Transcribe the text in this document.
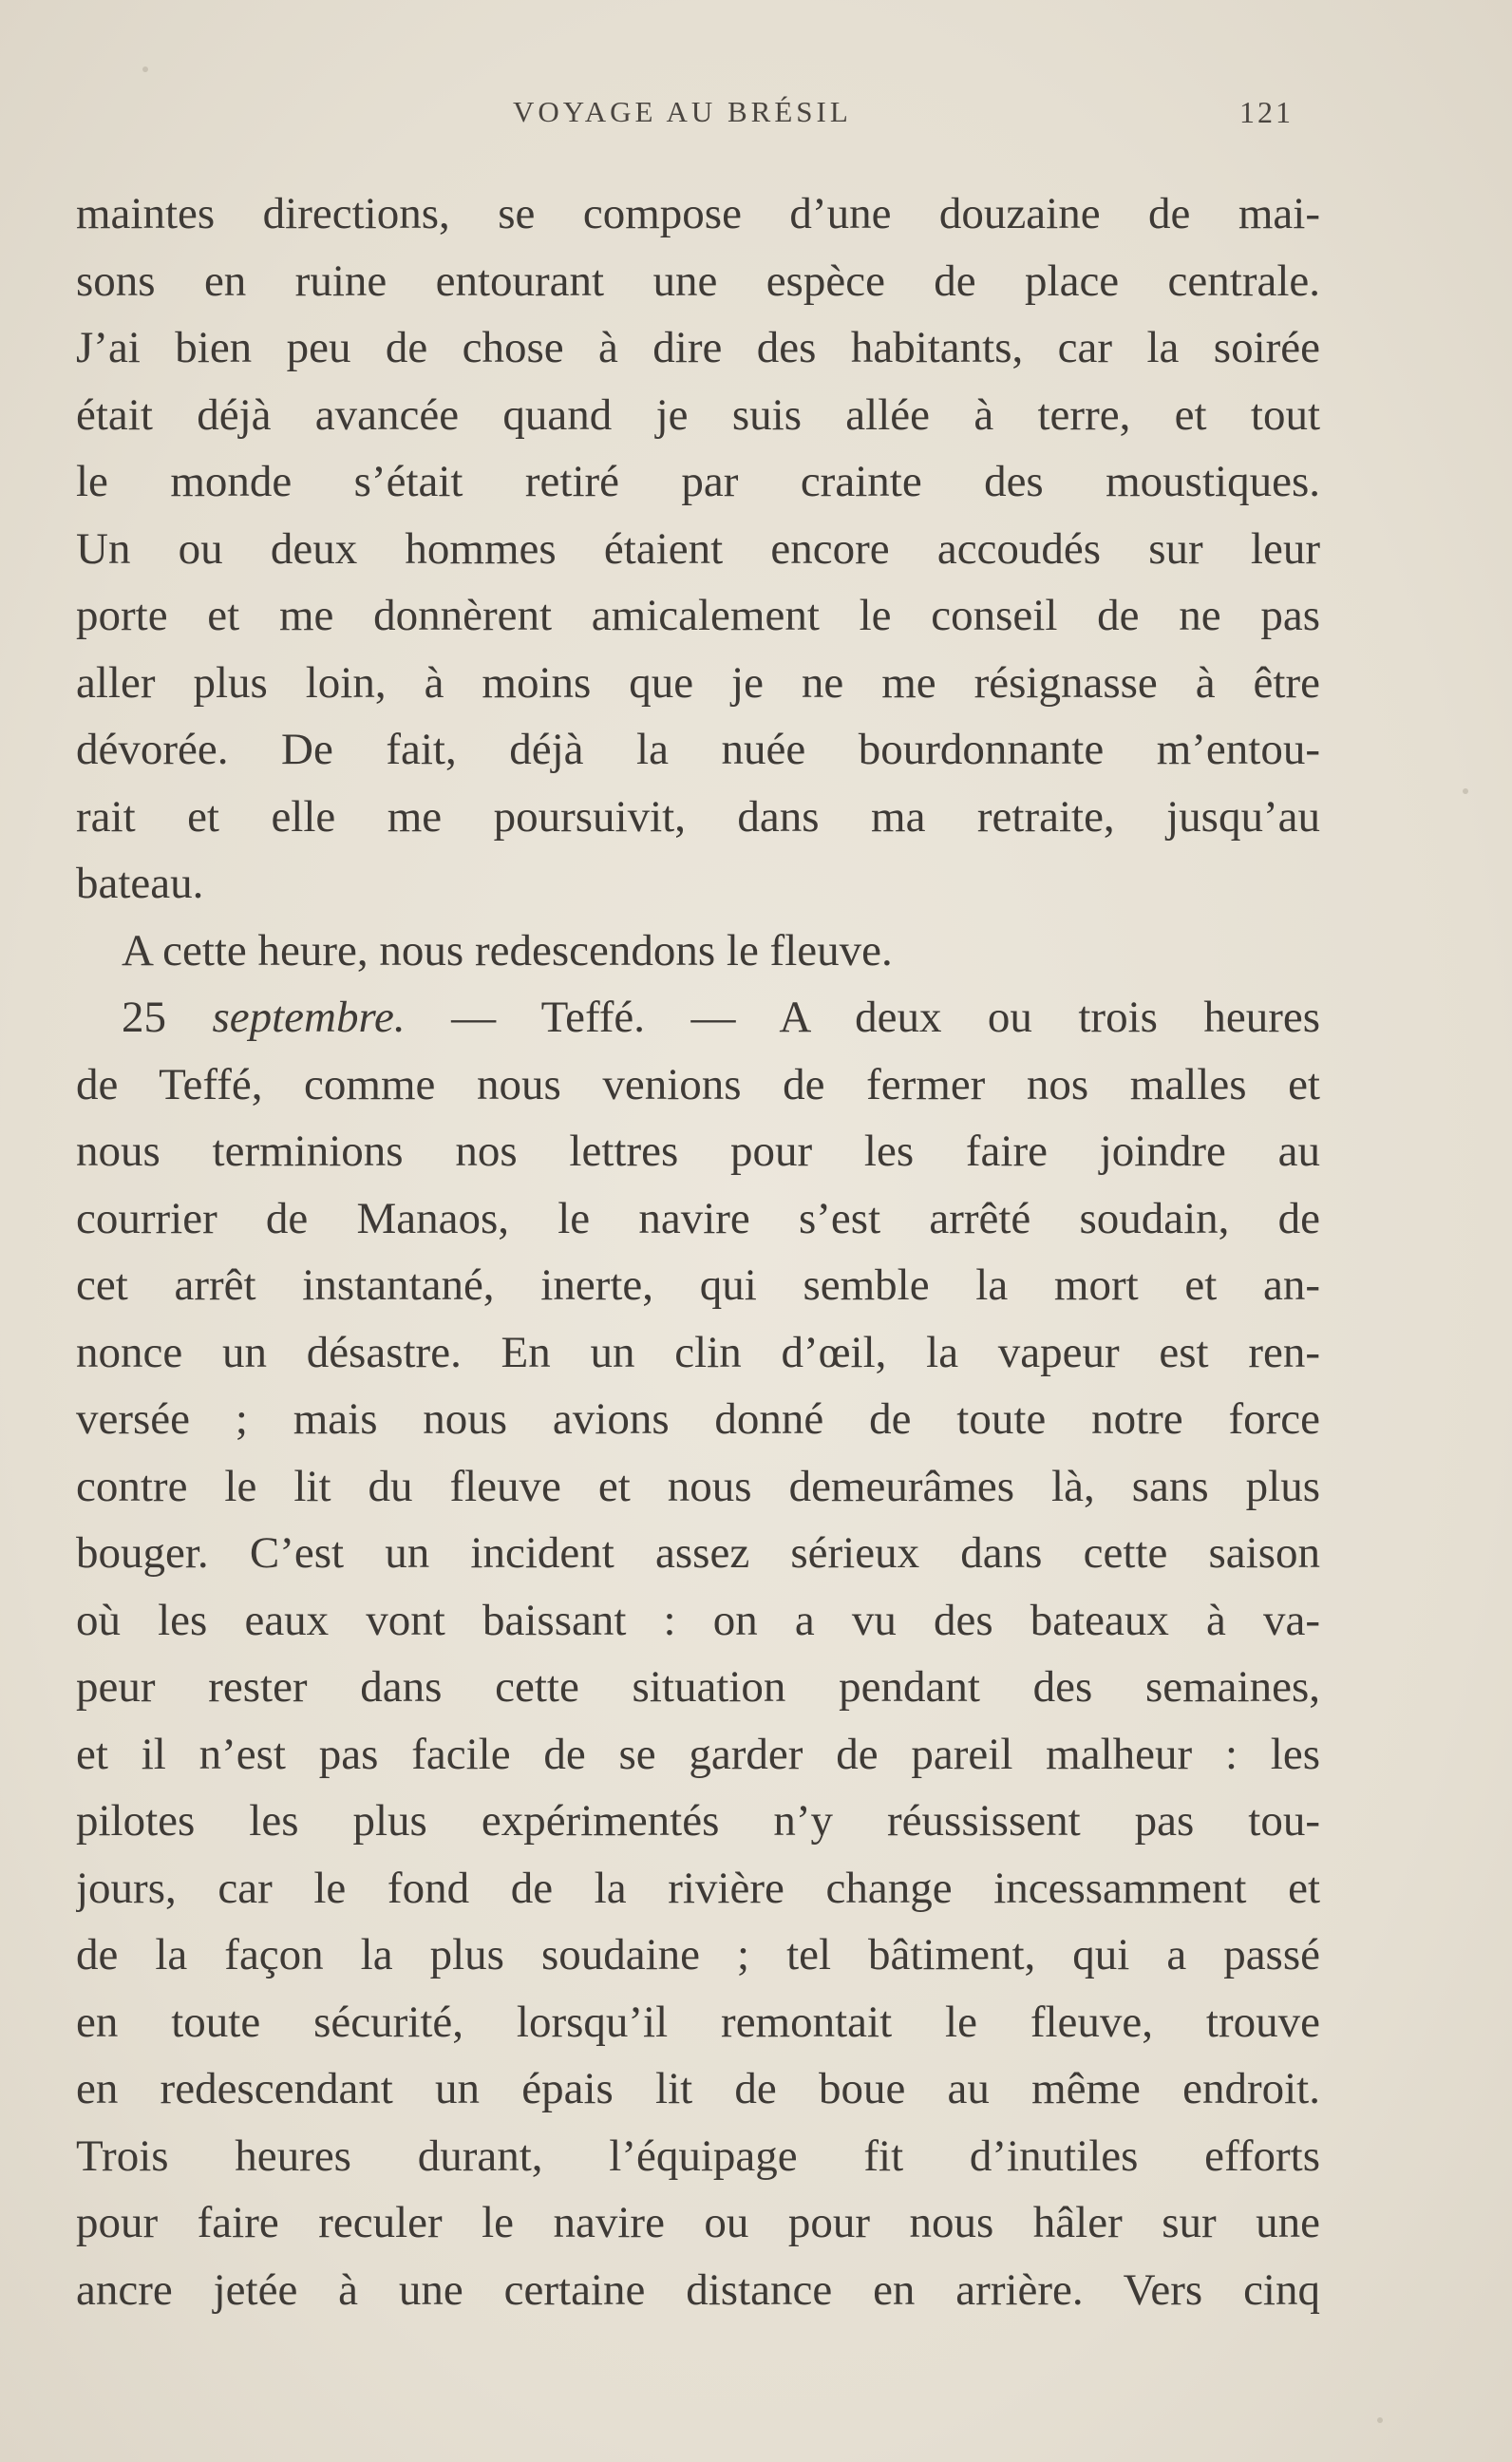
VOYAGE AU BRÉSIL	121
maintes directions, se compose d’une douzaine de mai-
sons en ruine entourant une espèce de place centrale.
J’ai bien peu de chose à dire des habitants, car la soirée
était déjà avancée quand je suis allée à terre, et tout
le monde s’était retiré par crainte des moustiques.
Un ou deux hommes étaient encore accoudés sur leur
porte et me donnèrent amicalement le conseil de ne pas
aller plus loin, à moins que je ne me résignasse à être
dévorée. De fait, déjà la nuée bourdonnante m’entou-
rait et elle me poursuivit, dans ma retraite, jusqu’au
bateau.
A cette heure, nous redescendons le fleuve.
25 septembre. — Teffé. — A deux ou trois heures
de Teffé, comme nous venions de fermer nos malles et
nous terminions nos lettres pour les faire joindre au
courrier de Manaos, le navire s’est arrêté soudain, de
cet arrêt instantané, inerte, qui semble la mort et an-
nonce un désastre. En un clin d’œil, la vapeur est ren-
versée ; mais nous avions donné de toute notre force
contre le lit du fleuve et nous demeurâmes là, sans plus
bouger. C’est un incident assez sérieux dans cette saison
où les eaux vont baissant : on a vu des bateaux à va-
peur rester dans cette situation pendant des semaines,
et il n’est pas facile de se garder de pareil malheur : les
pilotes les plus expérimentés n’y réussissent pas tou-
jours, car le fond de la rivière change incessamment et
de la façon la plus soudaine ; tel bâtiment, qui a passé
en toute sécurité, lorsqu’il remontait le fleuve, trouve
en redescendant un épais lit de boue au même endroit.
Trois heures durant, l’équipage fit d’inutiles efforts
pour faire reculer le navire ou pour nous hâler sur une
ancre jetée à une certaine distance en arrière. Vers cinq
